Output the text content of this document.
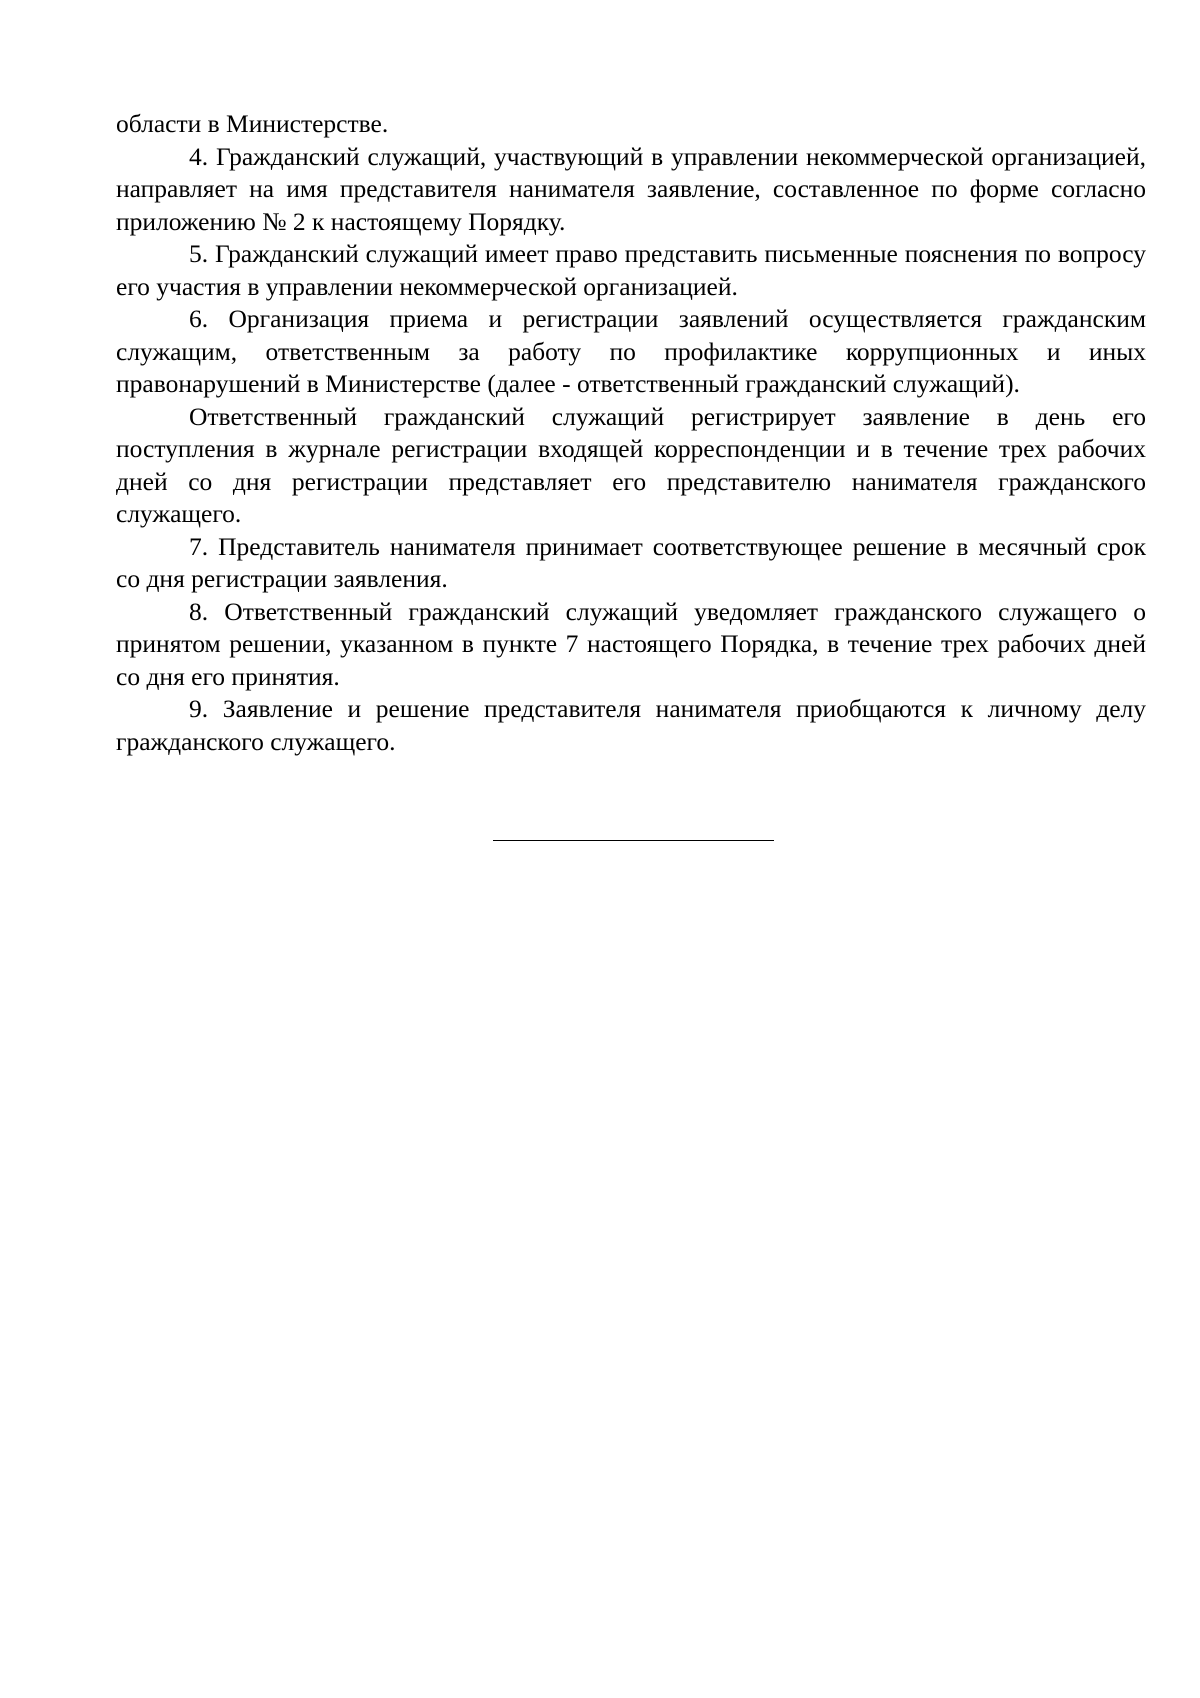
области в Министерстве.

4. Гражданский служащий, участвующий в управлении некоммерческой организацией, направляет на имя представителя нанимателя заявление, составленное по форме согласно приложению № 2 к настоящему Порядку.

5. Гражданский служащий имеет право представить письменные пояснения по вопросу его участия в управлении некоммерческой организацией.

6. Организация приема и регистрации заявлений осуществляется гражданским служащим, ответственным за работу по профилактике коррупционных и иных правонарушений в Министерстве (далее - ответственный гражданский служащий).

Ответственный гражданский служащий регистрирует заявление в день его поступления в журнале регистрации входящей корреспонденции и в течение трех рабочих дней со дня регистрации представляет его представителю нанимателя гражданского служащего.

7. Представитель нанимателя принимает соответствующее решение в месячный срок со дня регистрации заявления.

8. Ответственный гражданский служащий уведомляет гражданского служащего о принятом решении, указанном в пункте 7 настоящего Порядка, в течение трех рабочих дней со дня его принятия.

9. Заявление и решение представителя нанимателя приобщаются к личному делу гражданского служащего.
